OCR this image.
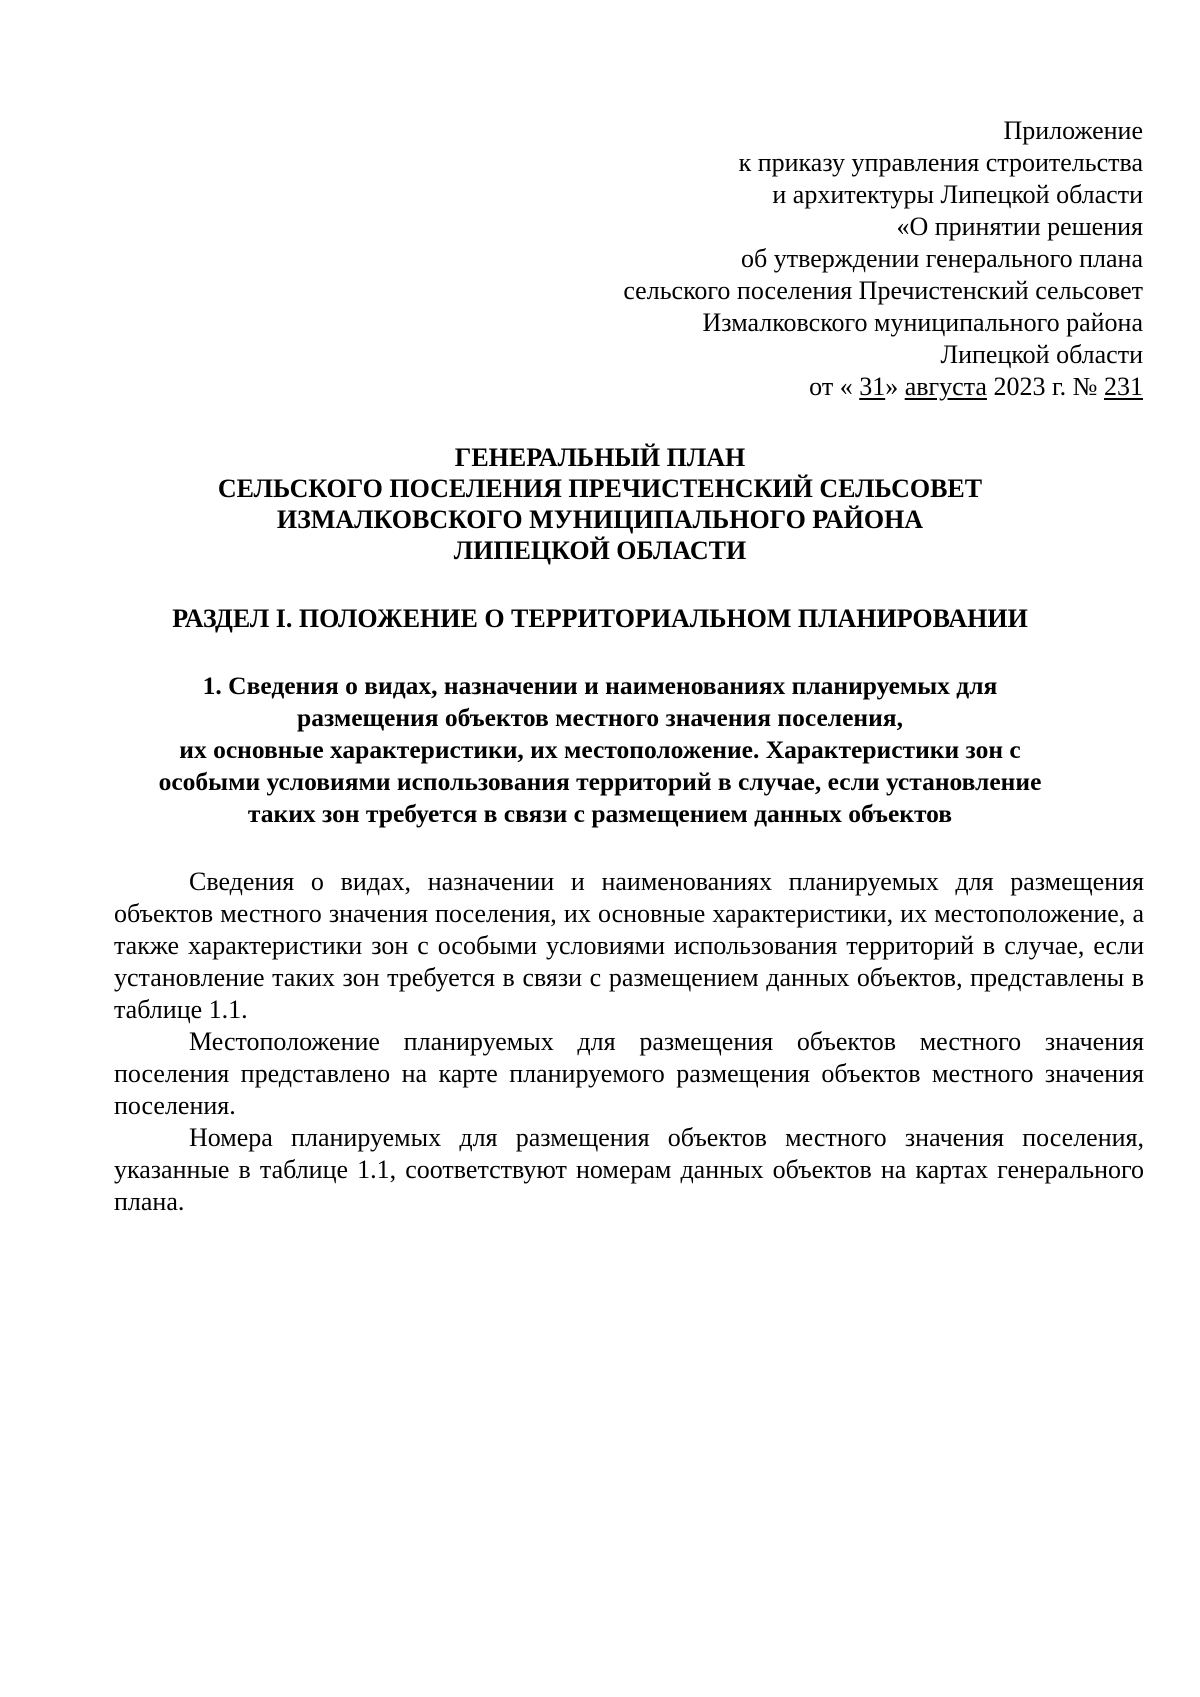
Приложение
к приказу управления строительства
и архитектуры Липецкой области
«О принятии решения
об утверждении генерального плана
сельского поселения Пречистенский сельсовет
Измалковского муниципального района
Липецкой области
от « 31» августа 2023 г. № 231
ГЕНЕРАЛЬНЫЙ ПЛАН
СЕЛЬСКОГО ПОСЕЛЕНИЯ ПРЕЧИСТЕНСКИЙ СЕЛЬСОВЕТ
ИЗМАЛКОВСКОГО МУНИЦИПАЛЬНОГО РАЙОНА
ЛИПЕЦКОЙ ОБЛАСТИ
РАЗДЕЛ I. ПОЛОЖЕНИЕ О ТЕРРИТОРИАЛЬНОМ ПЛАНИРОВАНИИ
1. Сведения о видах, назначении и наименованиях планируемых для
размещения объектов местного значения поселения,
их основные характеристики, их местоположение. Характеристики зон с
особыми условиями использования территорий в случае, если установление
таких зон требуется в связи с размещением данных объектов

Сведения о видах, назначении и наименованиях планируемых для размещения объектов местного значения поселения, их основные характеристики, их местоположение, а также характеристики зон с особыми условиями использования территорий в случае, если установление таких зон требуется в связи с размещением данных объектов, представлены в таблице 1.1.

Местоположение планируемых для размещения объектов местного значения поселения представлено на карте планируемого размещения объектов местного значения поселения.

Номера планируемых для размещения объектов местного значения поселения, указанные в таблице 1.1, соответствуют номерам данных объектов на картах генерального плана.
